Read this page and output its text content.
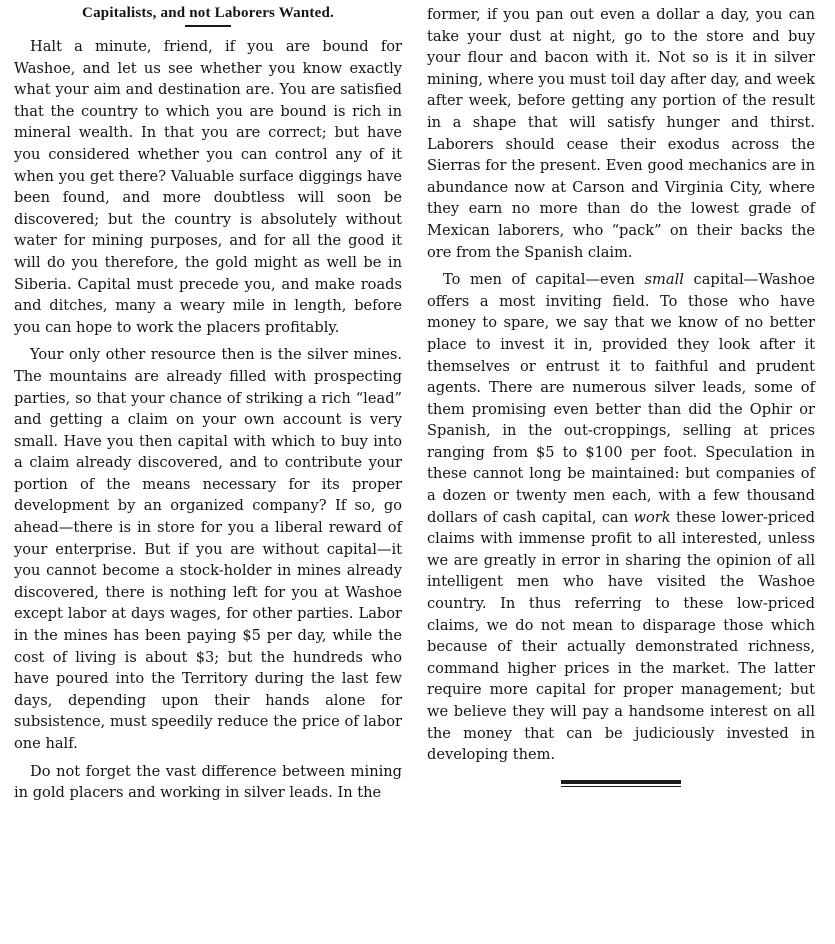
Capitalists, and not Laborers Wanted.

Halt a minute, friend, if you are bound for Washoe, and let us see whether you know exactly what your aim and destination are. You are satisfied that the country to which you are bound is rich in mineral wealth. In that you are correct; but have you considered whether you can control any of it when you get there? Valuable surface diggings have been found, and more doubtless will soon be discovered; but the country is absolutely without water for mining purposes, and for all the good it will do you therefore, the gold might as well be in Siberia. Capital must precede you, and make roads and ditches, many a weary mile in length, before you can hope to work the placers profitably.

Your only other resource then is the silver mines. The mountains are already filled with prospecting parties, so that your chance of striking a rich “lead” and getting a claim on your own account is very small. Have you then capital with which to buy into a claim already discovered, and to contribute your portion of the means necessary for its proper development by an organized company? If so, go ahead—there is in store for you a liberal reward of your enterprise. But if you are without capital—it you cannot become a stock-holder in mines already discovered, there is nothing left for you at Washoe except labor at days wages, for other parties. Labor in the mines has been paying $5 per day, while the cost of living is about $3; but the hundreds who have poured into the Territory during the last few days, depending upon their hands alone for subsistence, must speedily reduce the price of labor one half.

Do not forget the vast difference between mining in gold placers and working in silver leads. In the

former, if you pan out even a dollar a day, you can take your dust at night, go to the store and buy your flour and bacon with it. Not so is it in silver mining, where you must toil day after day, and week after week, before getting any portion of the result in a shape that will satisfy hunger and thirst. Laborers should cease their exodus across the Sierras for the present. Even good mechanics are in abundance now at Carson and Virginia City, where they earn no more than do the lowest grade of Mexican laborers, who “pack” on their backs the ore from the Spanish claim.

To men of capital—even small capital—Washoe offers a most inviting field. To those who have money to spare, we say that we know of no better place to invest it in, provided they look after it themselves or entrust it to faithful and prudent agents. There are numerous silver leads, some of them promising even better than did the Ophir or Spanish, in the out-croppings, selling at prices ranging from $5 to $100 per foot. Speculation in these cannot long be maintained: but companies of a dozen or twenty men each, with a few thousand dollars of cash capital, can work these lower-priced claims with immense profit to all interested, unless we are greatly in error in sharing the opinion of all intelligent men who have visited the Washoe country. In thus referring to these low-priced claims, we do not mean to disparage those which because of their actually demonstrated richness, command higher prices in the market. The latter require more capital for proper management; but we believe they will pay a handsome interest on all the money that can be judiciously invested in developing them.
